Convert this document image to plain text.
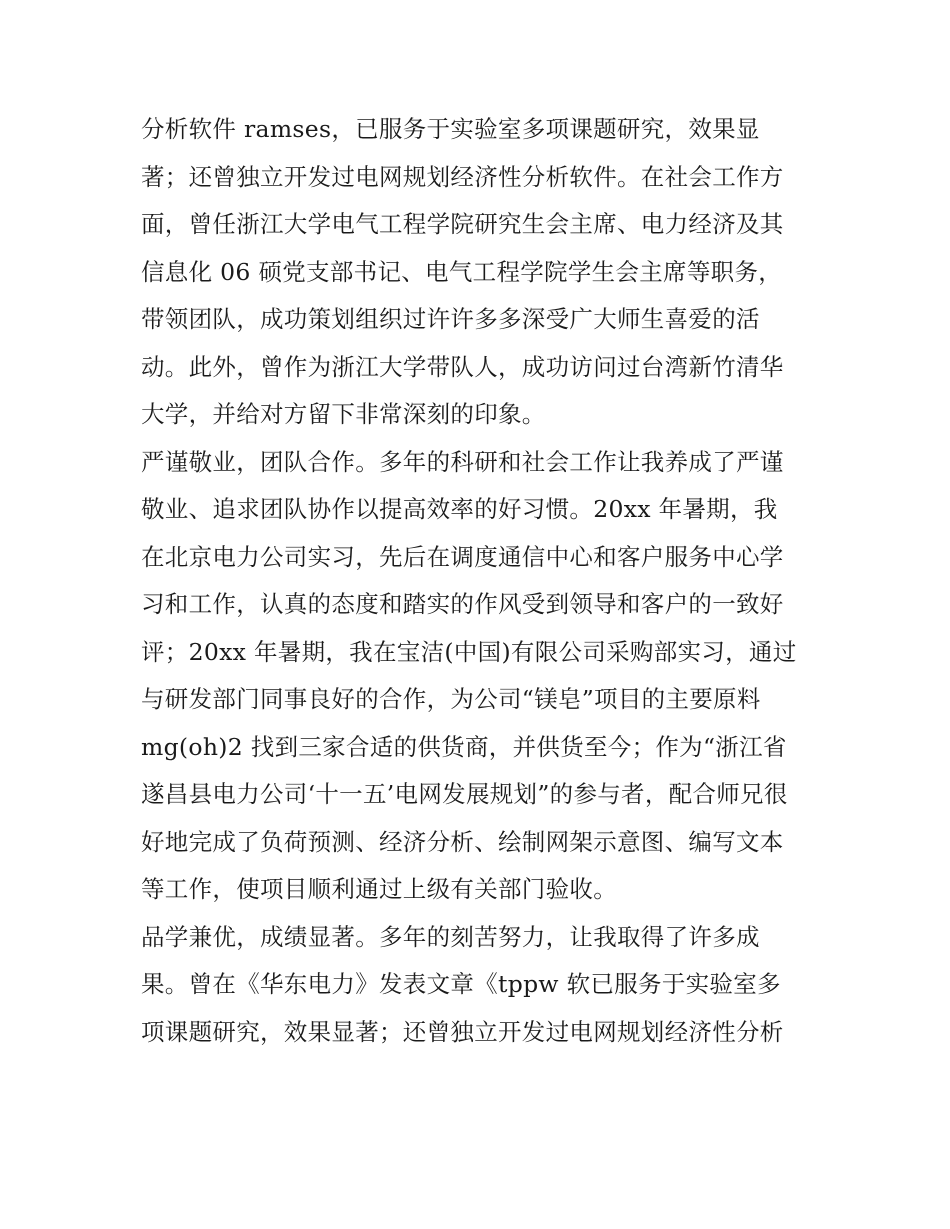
分析软件 ramses，已服务于实验室多项课题研究，效果显
著；还曾独立开发过电网规划经济性分析软件。在社会工作方
面，曾任浙江大学电气工程学院研究生会主席、电力经济及其
信息化 06 硕党支部书记、电气工程学院学生会主席等职务，
带领团队，成功策划组织过许许多多深受广大师生喜爱的活
动。此外，曾作为浙江大学带队人，成功访问过台湾新竹清华
大学，并给对方留下非常深刻的印象。
严谨敬业，团队合作。多年的科研和社会工作让我养成了严谨
敬业、追求团队协作以提高效率的好习惯。20xx 年暑期，我
在北京电力公司实习，先后在调度通信中心和客户服务中心学
习和工作，认真的态度和踏实的作风受到领导和客户的一致好
评；20xx 年暑期，我在宝洁(中国)有限公司采购部实习，通过
与研发部门同事良好的合作，为公司“镁皂”项目的主要原料
mg(oh)2 找到三家合适的供货商，并供货至今；作为“浙江省
遂昌县电力公司‘十一五’电网发展规划”的参与者，配合师兄很
好地完成了负荷预测、经济分析、绘制网架示意图、编写文本
等工作，使项目顺利通过上级有关部门验收。
品学兼优，成绩显著。多年的刻苦努力，让我取得了许多成
果。曾在《华东电力》发表文章《tppw 软已服务于实验室多
项课题研究，效果显著；还曾独立开发过电网规划经济性分析
